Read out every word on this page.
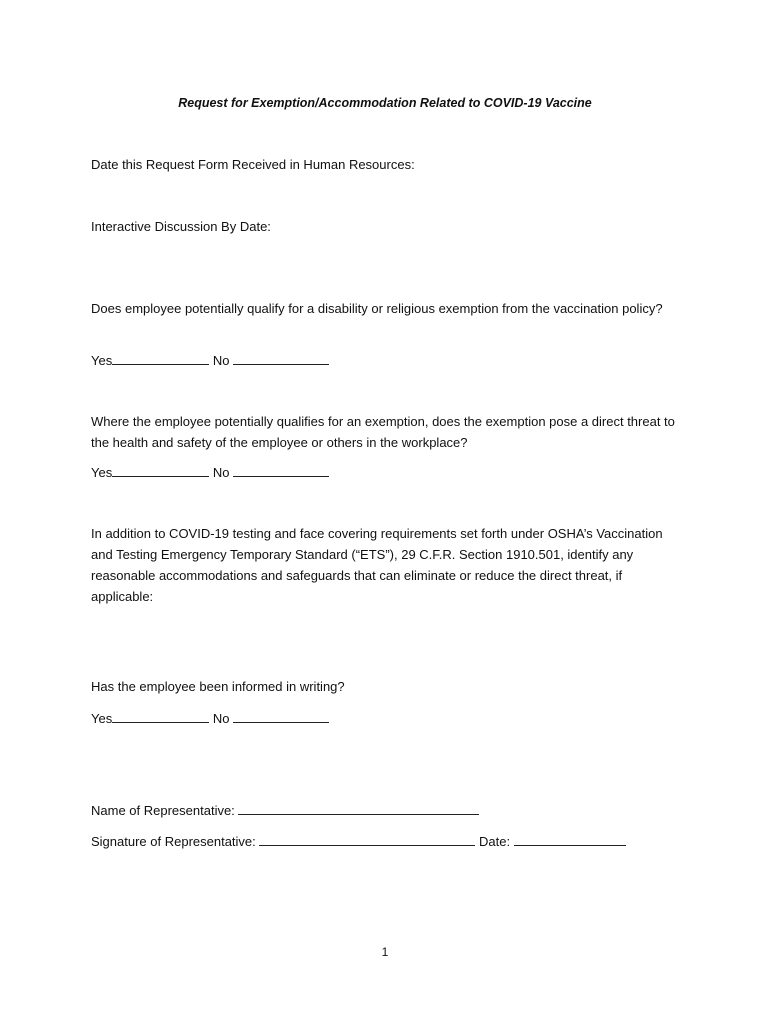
Request for Exemption/Accommodation Related to COVID-19 Vaccine
Date this Request Form Received in Human Resources:
Interactive Discussion By Date:
Does employee potentially qualify for a disability or religious exemption from the vaccination policy?
Yes	No
Where the employee potentially qualifies for an exemption, does the exemption pose a direct threat to the health and safety of the employee or others in the workplace?
Yes	No
In addition to COVID-19 testing and face covering requirements set forth under OSHA’s Vaccination and Testing Emergency Temporary Standard (“ETS”), 29 C.F.R. Section 1910.501, identify any reasonable accommodations and safeguards that can eliminate or reduce the direct threat, if applicable:
Has the employee been informed in writing?
Yes	No
Name of Representative:
Signature of Representative:	Date:
1
